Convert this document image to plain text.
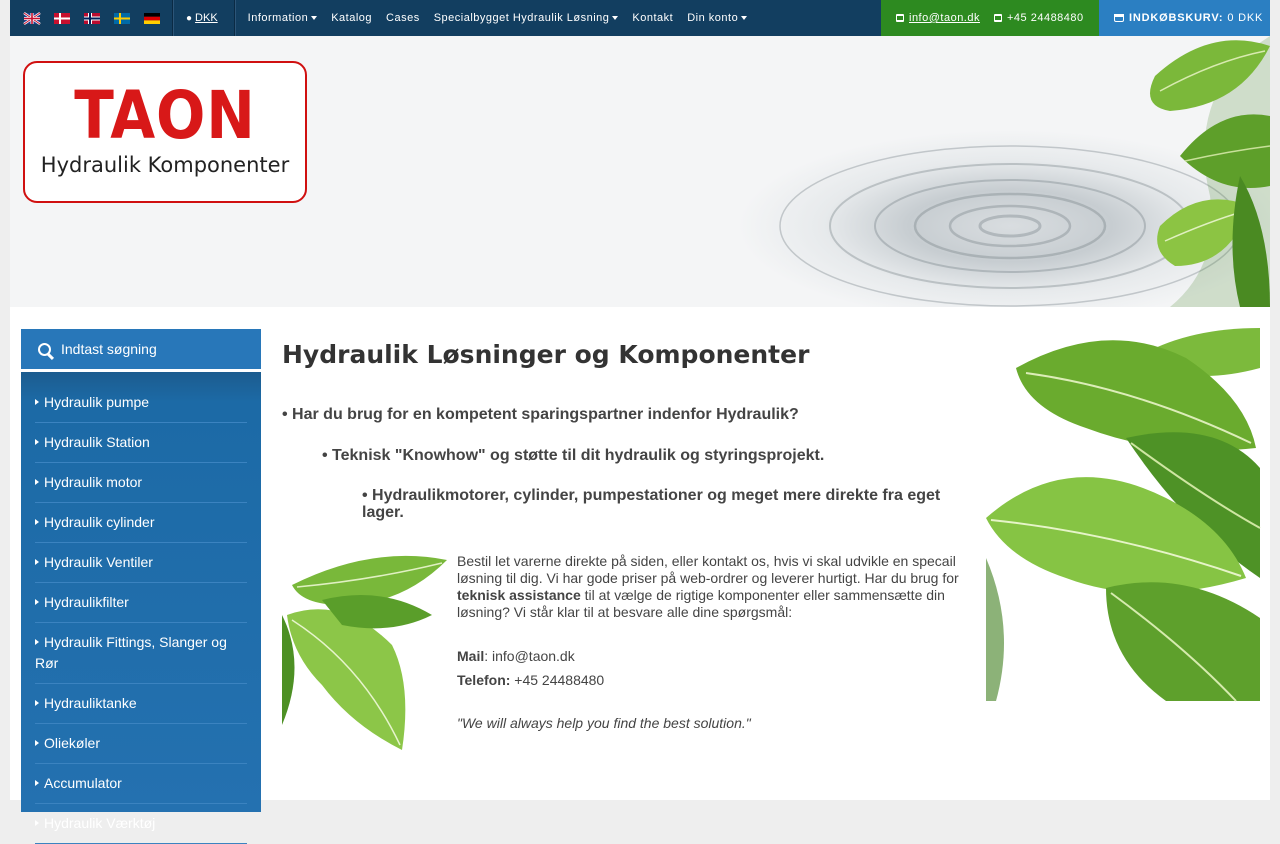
● DKK	Information Katalog Cases Specialbygget Hydraulik Løsning Kontakt Din konto	info@taon.dk +45 24488480	INDKØBSKURV: 0 DKK
TAON
Hydraulik Komponenter
Indtast søgning
Hydraulik pumpe
Hydraulik Station
Hydraulik motor
Hydraulik cylinder
Hydraulik Ventiler
Hydraulikfilter
Hydraulik Fittings, Slanger og Rør
Hydrauliktanke
Oliekøler
Accumulator
Hydraulik Værktøj
Hydraulik Løsninger og Komponenter
• Har du brug for en kompetent sparingspartner indenfor Hydraulik?
• Teknisk "Knowhow" og støtte til dit hydraulik og styringsprojekt.
• Hydraulikmotorer, cylinder, pumpestationer og meget mere direkte fra eget lager.
Bestil let varerne direkte på siden, eller kontakt os, hvis vi skal udvikle en specail løsning til dig. Vi har gode priser på web-ordrer og leverer hurtigt. Har du brug for teknisk assistance til at vælge de rigtige komponenter eller sammensætte din løsning? Vi står klar til at besvare alle dine spørgsmål:
Mail: info@taon.dk
Telefon: +45 24488480
"We will always help you find the best solution."
